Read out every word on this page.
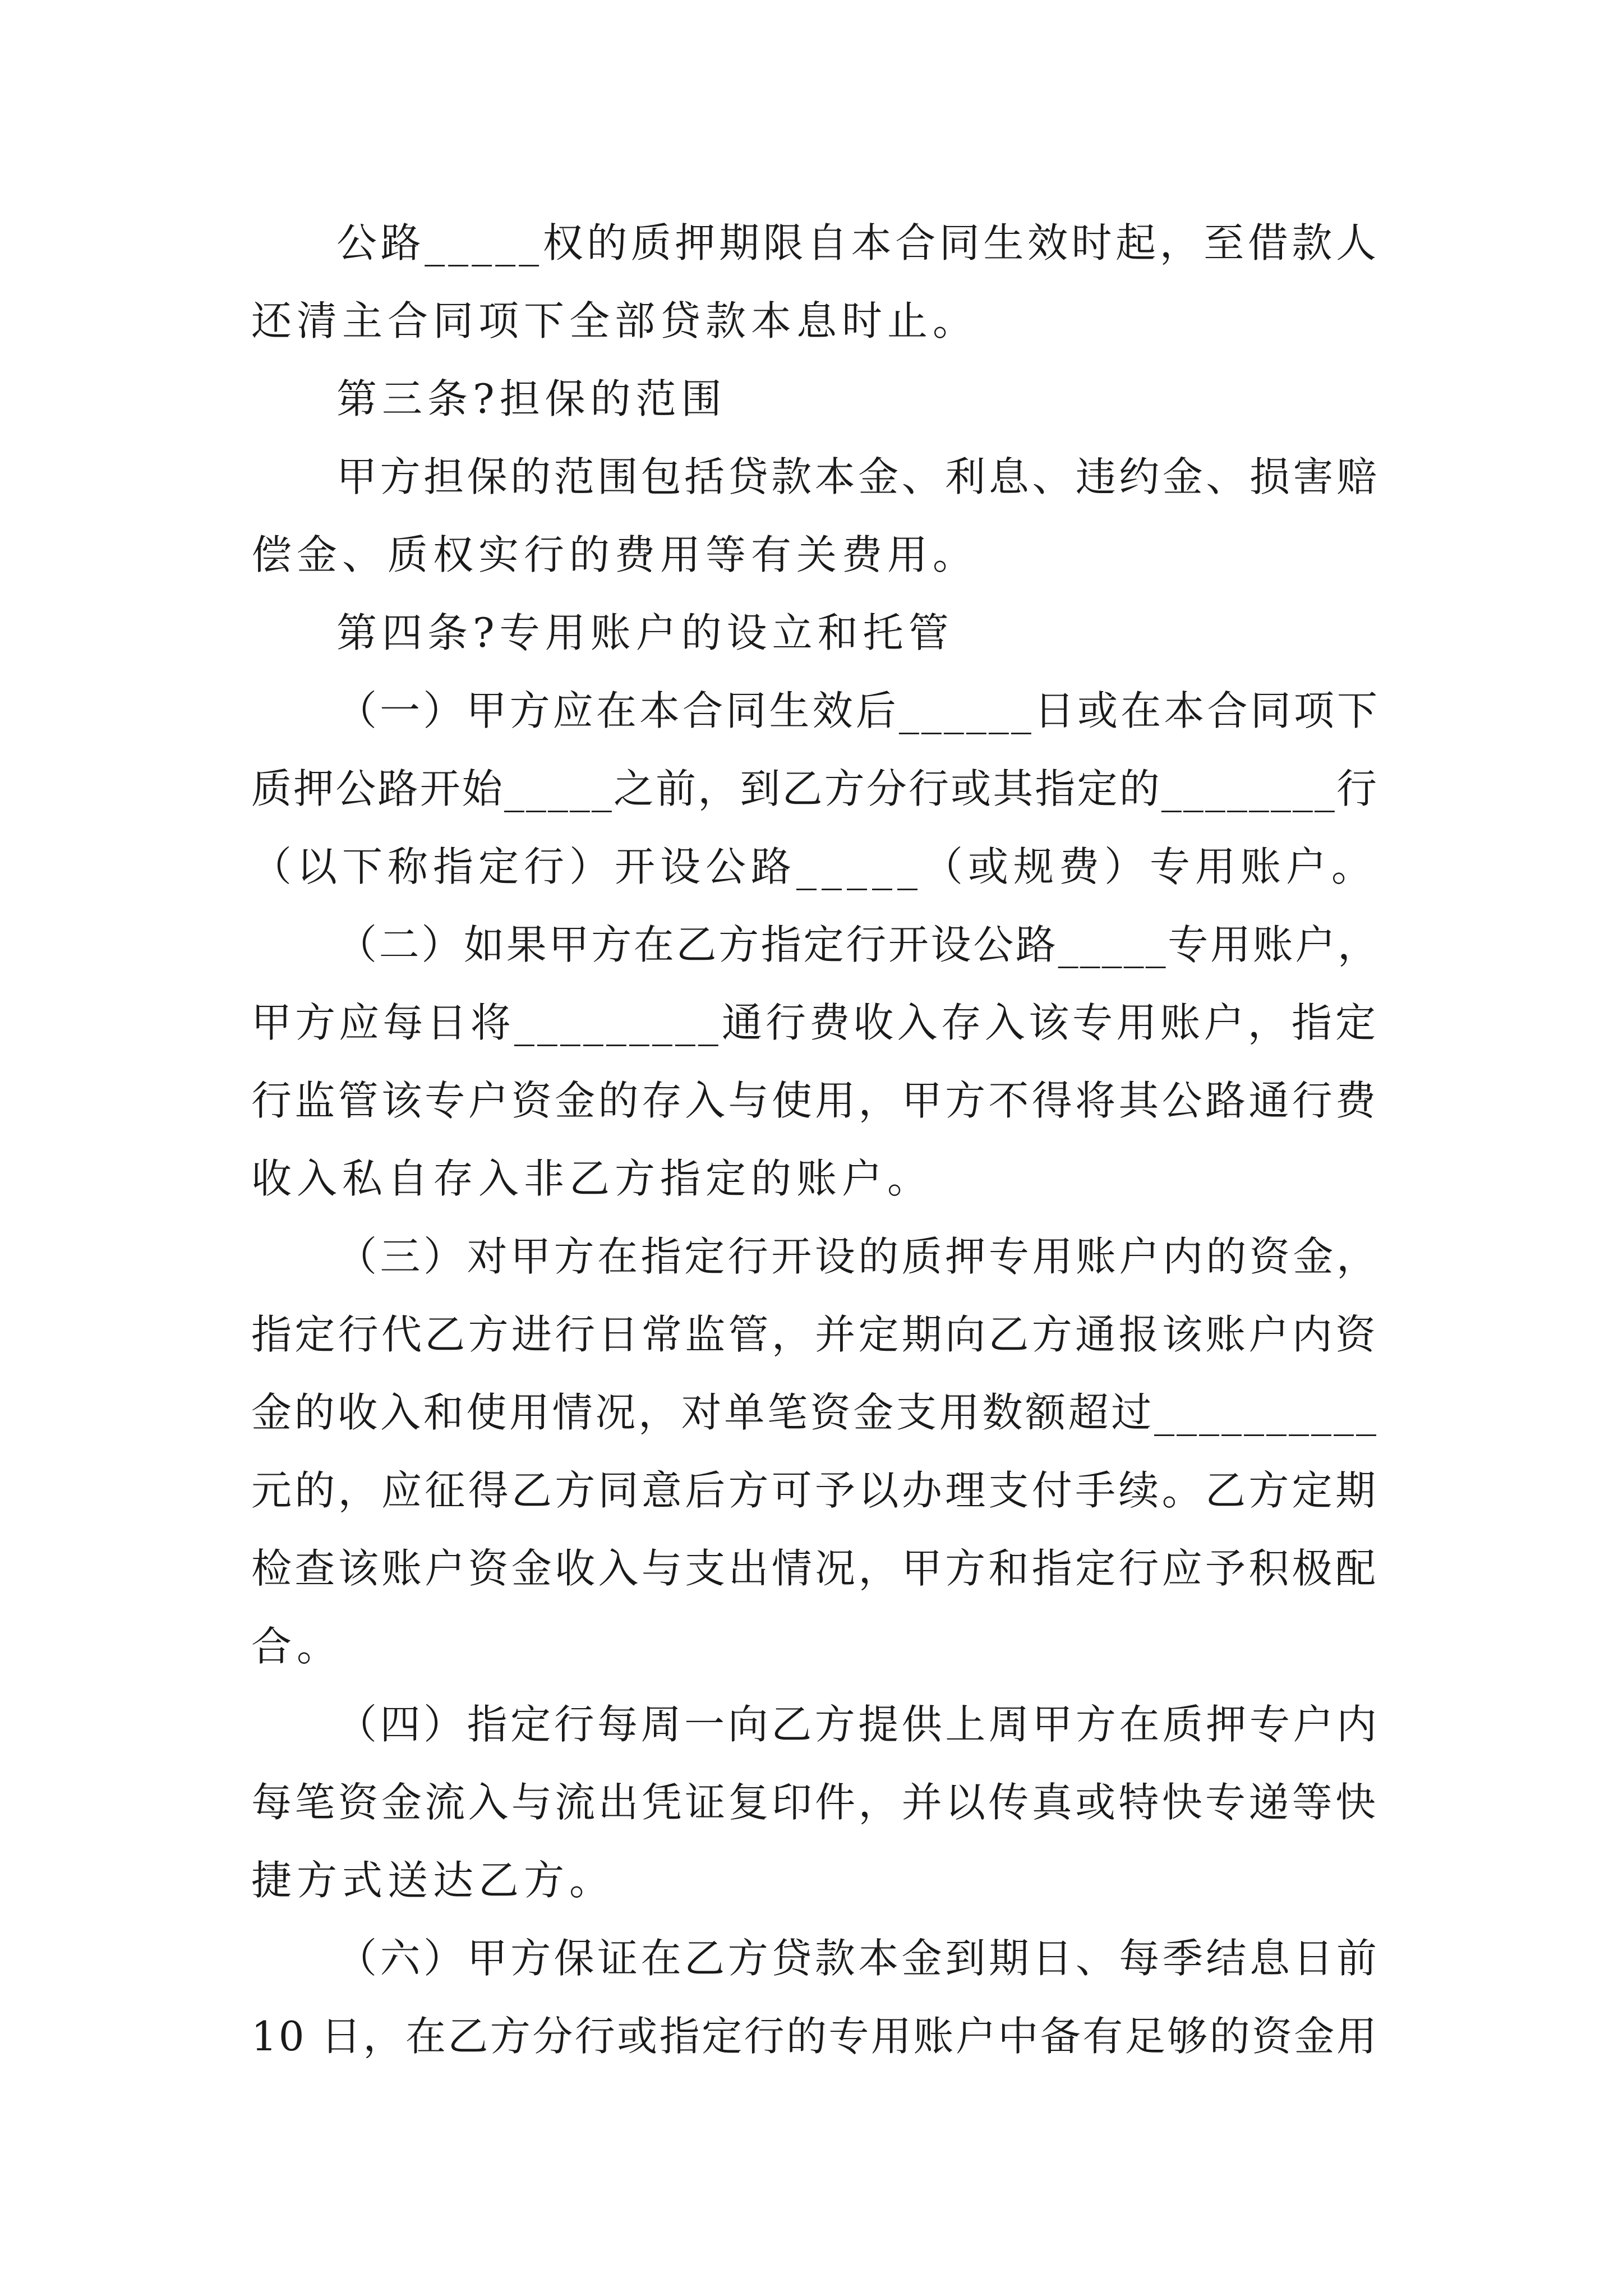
公路_____权的质押期限自本合同生效时起，至借款人
还清主合同项下全部贷款本息时止。
第三条?担保的范围
甲方担保的范围包括贷款本金、利息、违约金、损害赔
偿金、质权实行的费用等有关费用。
第四条?专用账户的设立和托管
（一）甲方应在本合同生效后______日或在本合同项下
质押公路开始_____之前，到乙方分行或其指定的________行
（以下称指定行）开设公路_____（或规费）专用账户。
（二）如果甲方在乙方指定行开设公路_____专用账户，
甲方应每日将_________通行费收入存入该专用账户，指定
行监管该专户资金的存入与使用，甲方不得将其公路通行费
收入私自存入非乙方指定的账户。
（三）对甲方在指定行开设的质押专用账户内的资金，
指定行代乙方进行日常监管，并定期向乙方通报该账户内资
金的收入和使用情况，对单笔资金支用数额超过__________
元的，应征得乙方同意后方可予以办理支付手续。乙方定期
检查该账户资金收入与支出情况，甲方和指定行应予积极配
合。
（四）指定行每周一向乙方提供上周甲方在质押专户内
每笔资金流入与流出凭证复印件，并以传真或特快专递等快
捷方式送达乙方。
（六）甲方保证在乙方贷款本金到期日、每季结息日前
10 日，在乙方分行或指定行的专用账户中备有足够的资金用
